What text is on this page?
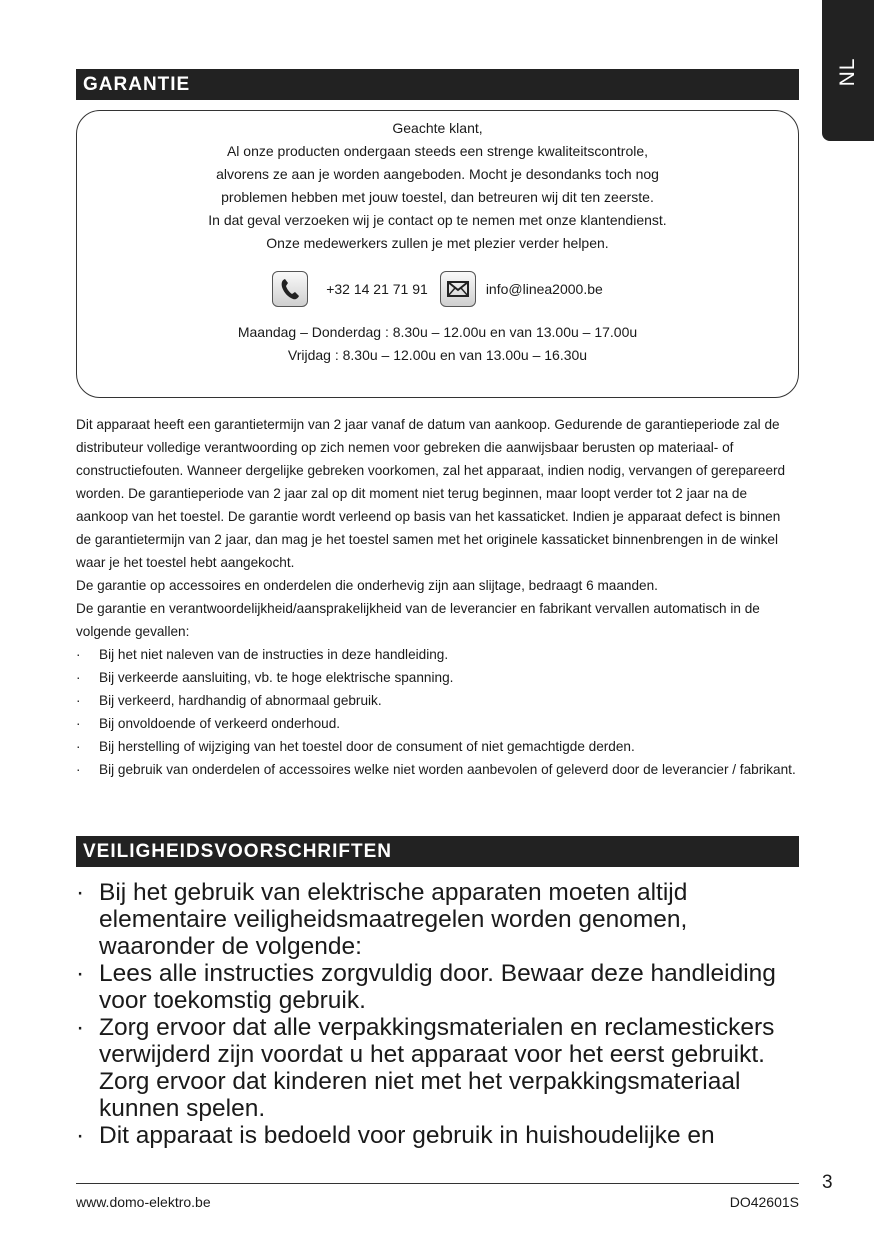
NL
GARANTIE
Geachte klant,
Al onze producten ondergaan steeds een strenge kwaliteitscontrole,
alvorens ze aan je worden aangeboden. Mocht je desondanks toch nog
problemen hebben met jouw toestel, dan betreuren wij dit ten zeerste.
In dat geval verzoeken wij je contact op te nemen met onze klantendienst.
Onze medewerkers zullen je met plezier verder helpen.
+32 14 21 71 91	info@linea2000.be
Maandag – Donderdag : 8.30u – 12.00u en van 13.00u – 17.00u
Vrijdag : 8.30u – 12.00u en van 13.00u – 16.30u

Dit apparaat heeft een garantietermijn van 2 jaar vanaf de datum van aankoop. Gedurende de garantieperiode zal de distributeur volledige verantwoording op zich nemen voor gebreken die aanwijsbaar berusten op materiaal- of constructiefouten. Wanneer dergelijke gebreken voorkomen, zal het apparaat, indien nodig, vervangen of gerepareerd worden. De garantieperiode van 2 jaar zal op dit moment niet terug beginnen, maar loopt verder tot 2 jaar na de aankoop van het toestel. De garantie wordt verleend op basis van het kassaticket. Indien je apparaat defect is binnen de garantietermijn van 2 jaar, dan mag je het toestel samen met het originele kassaticket binnenbrengen in de winkel waar je het toestel hebt aangekocht.

De garantie op accessoires en onderdelen die onderhevig zijn aan slijtage, bedraagt 6 maanden.

De garantie en verantwoordelijkheid/aansprakelijkheid van de leverancier en fabrikant vervallen automatisch in de volgende gevallen:

· Bij het niet naleven van de instructies in deze handleiding.
· Bij verkeerde aansluiting, vb. te hoge elektrische spanning.
· Bij verkeerd, hardhandig of abnormaal gebruik.
· Bij onvoldoende of verkeerd onderhoud.
· Bij herstelling of wijziging van het toestel door de consument of niet gemachtigde derden.
· Bij gebruik van onderdelen of accessoires welke niet worden aanbevolen of geleverd door de leverancier / fabrikant.
VEILIGHEIDSVOORSCHRIFTEN
· Bij het gebruik van elektrische apparaten moeten altijd elementaire veiligheidsmaatregelen worden genomen, waaronder de volgende:
· Lees alle instructies zorgvuldig door. Bewaar deze handleiding voor toekomstig gebruik.
· Zorg ervoor dat alle verpakkingsmaterialen en reclamestickers verwijderd zijn voordat u het apparaat voor het eerst gebruikt. Zorg ervoor dat kinderen niet met het verpakkingsmateriaal kunnen spelen.
· Dit apparaat is bedoeld voor gebruik in huishoudelijke en
3
www.domo-elektro.be	DO42601S
